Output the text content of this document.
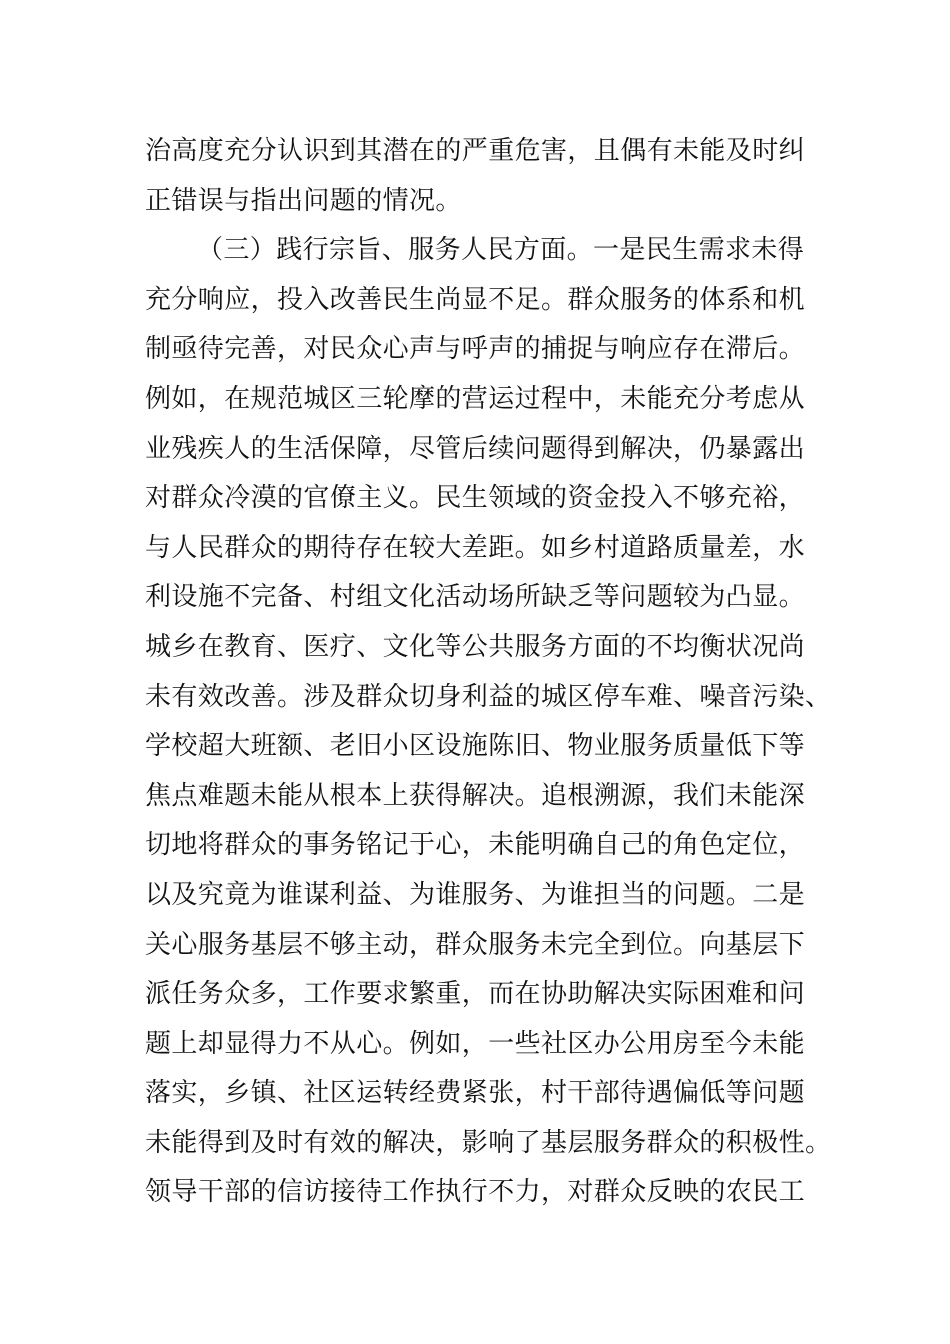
治高度充分认识到其潜在的严重危害，且偶有未能及时纠
正错误与指出问题的情况。
（三）践行宗旨、服务人民方面。一是民生需求未得
充分响应，投入改善民生尚显不足。群众服务的体系和机
制亟待完善，对民众心声与呼声的捕捉与响应存在滞后。
例如，在规范城区三轮摩的营运过程中，未能充分考虑从
业残疾人的生活保障，尽管后续问题得到解决，仍暴露出
对群众冷漠的官僚主义。民生领域的资金投入不够充裕，
与人民群众的期待存在较大差距。如乡村道路质量差，水
利设施不完备、村组文化活动场所缺乏等问题较为凸显。
城乡在教育、医疗、文化等公共服务方面的不均衡状况尚
未有效改善。涉及群众切身利益的城区停车难、噪音污染、
学校超大班额、老旧小区设施陈旧、物业服务质量低下等
焦点难题未能从根本上获得解决。追根溯源，我们未能深
切地将群众的事务铭记于心，未能明确自己的角色定位，
以及究竟为谁谋利益、为谁服务、为谁担当的问题。二是
关心服务基层不够主动，群众服务未完全到位。向基层下
派任务众多，工作要求繁重，而在协助解决实际困难和问
题上却显得力不从心。例如，一些社区办公用房至今未能
落实，乡镇、社区运转经费紧张，村干部待遇偏低等问题
未能得到及时有效的解决，影响了基层服务群众的积极性。
领导干部的信访接待工作执行不力，对群众反映的农民工
